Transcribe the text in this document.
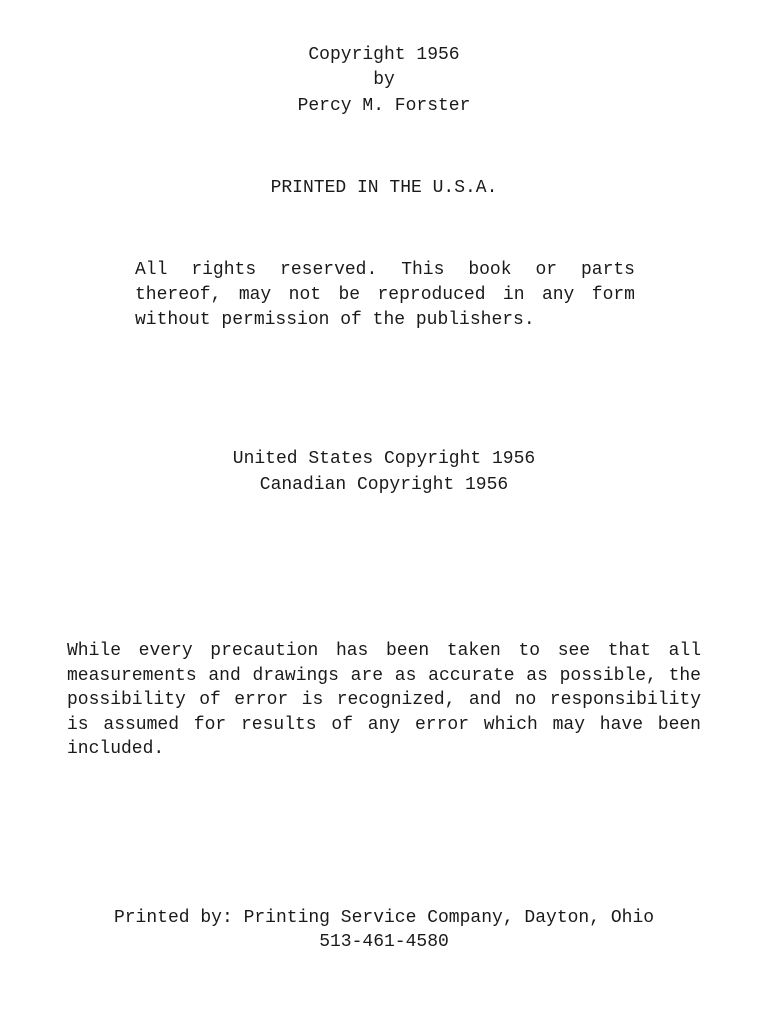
Copyright 1956

by

Percy M. Forster

PRINTED IN THE U.S.A.

All rights reserved. This book or parts thereof, may not be reproduced in any form without permission of the publishers.

United States Copyright 1956

Canadian Copyright 1956

While every precaution has been taken to see that all measurements and drawings are as accurate as possible, the possibility of error is recognized, and no responsibility is assumed for results of any error which may have been included.

Printed by: Printing Service Company, Dayton, Ohio

513-461-4580
